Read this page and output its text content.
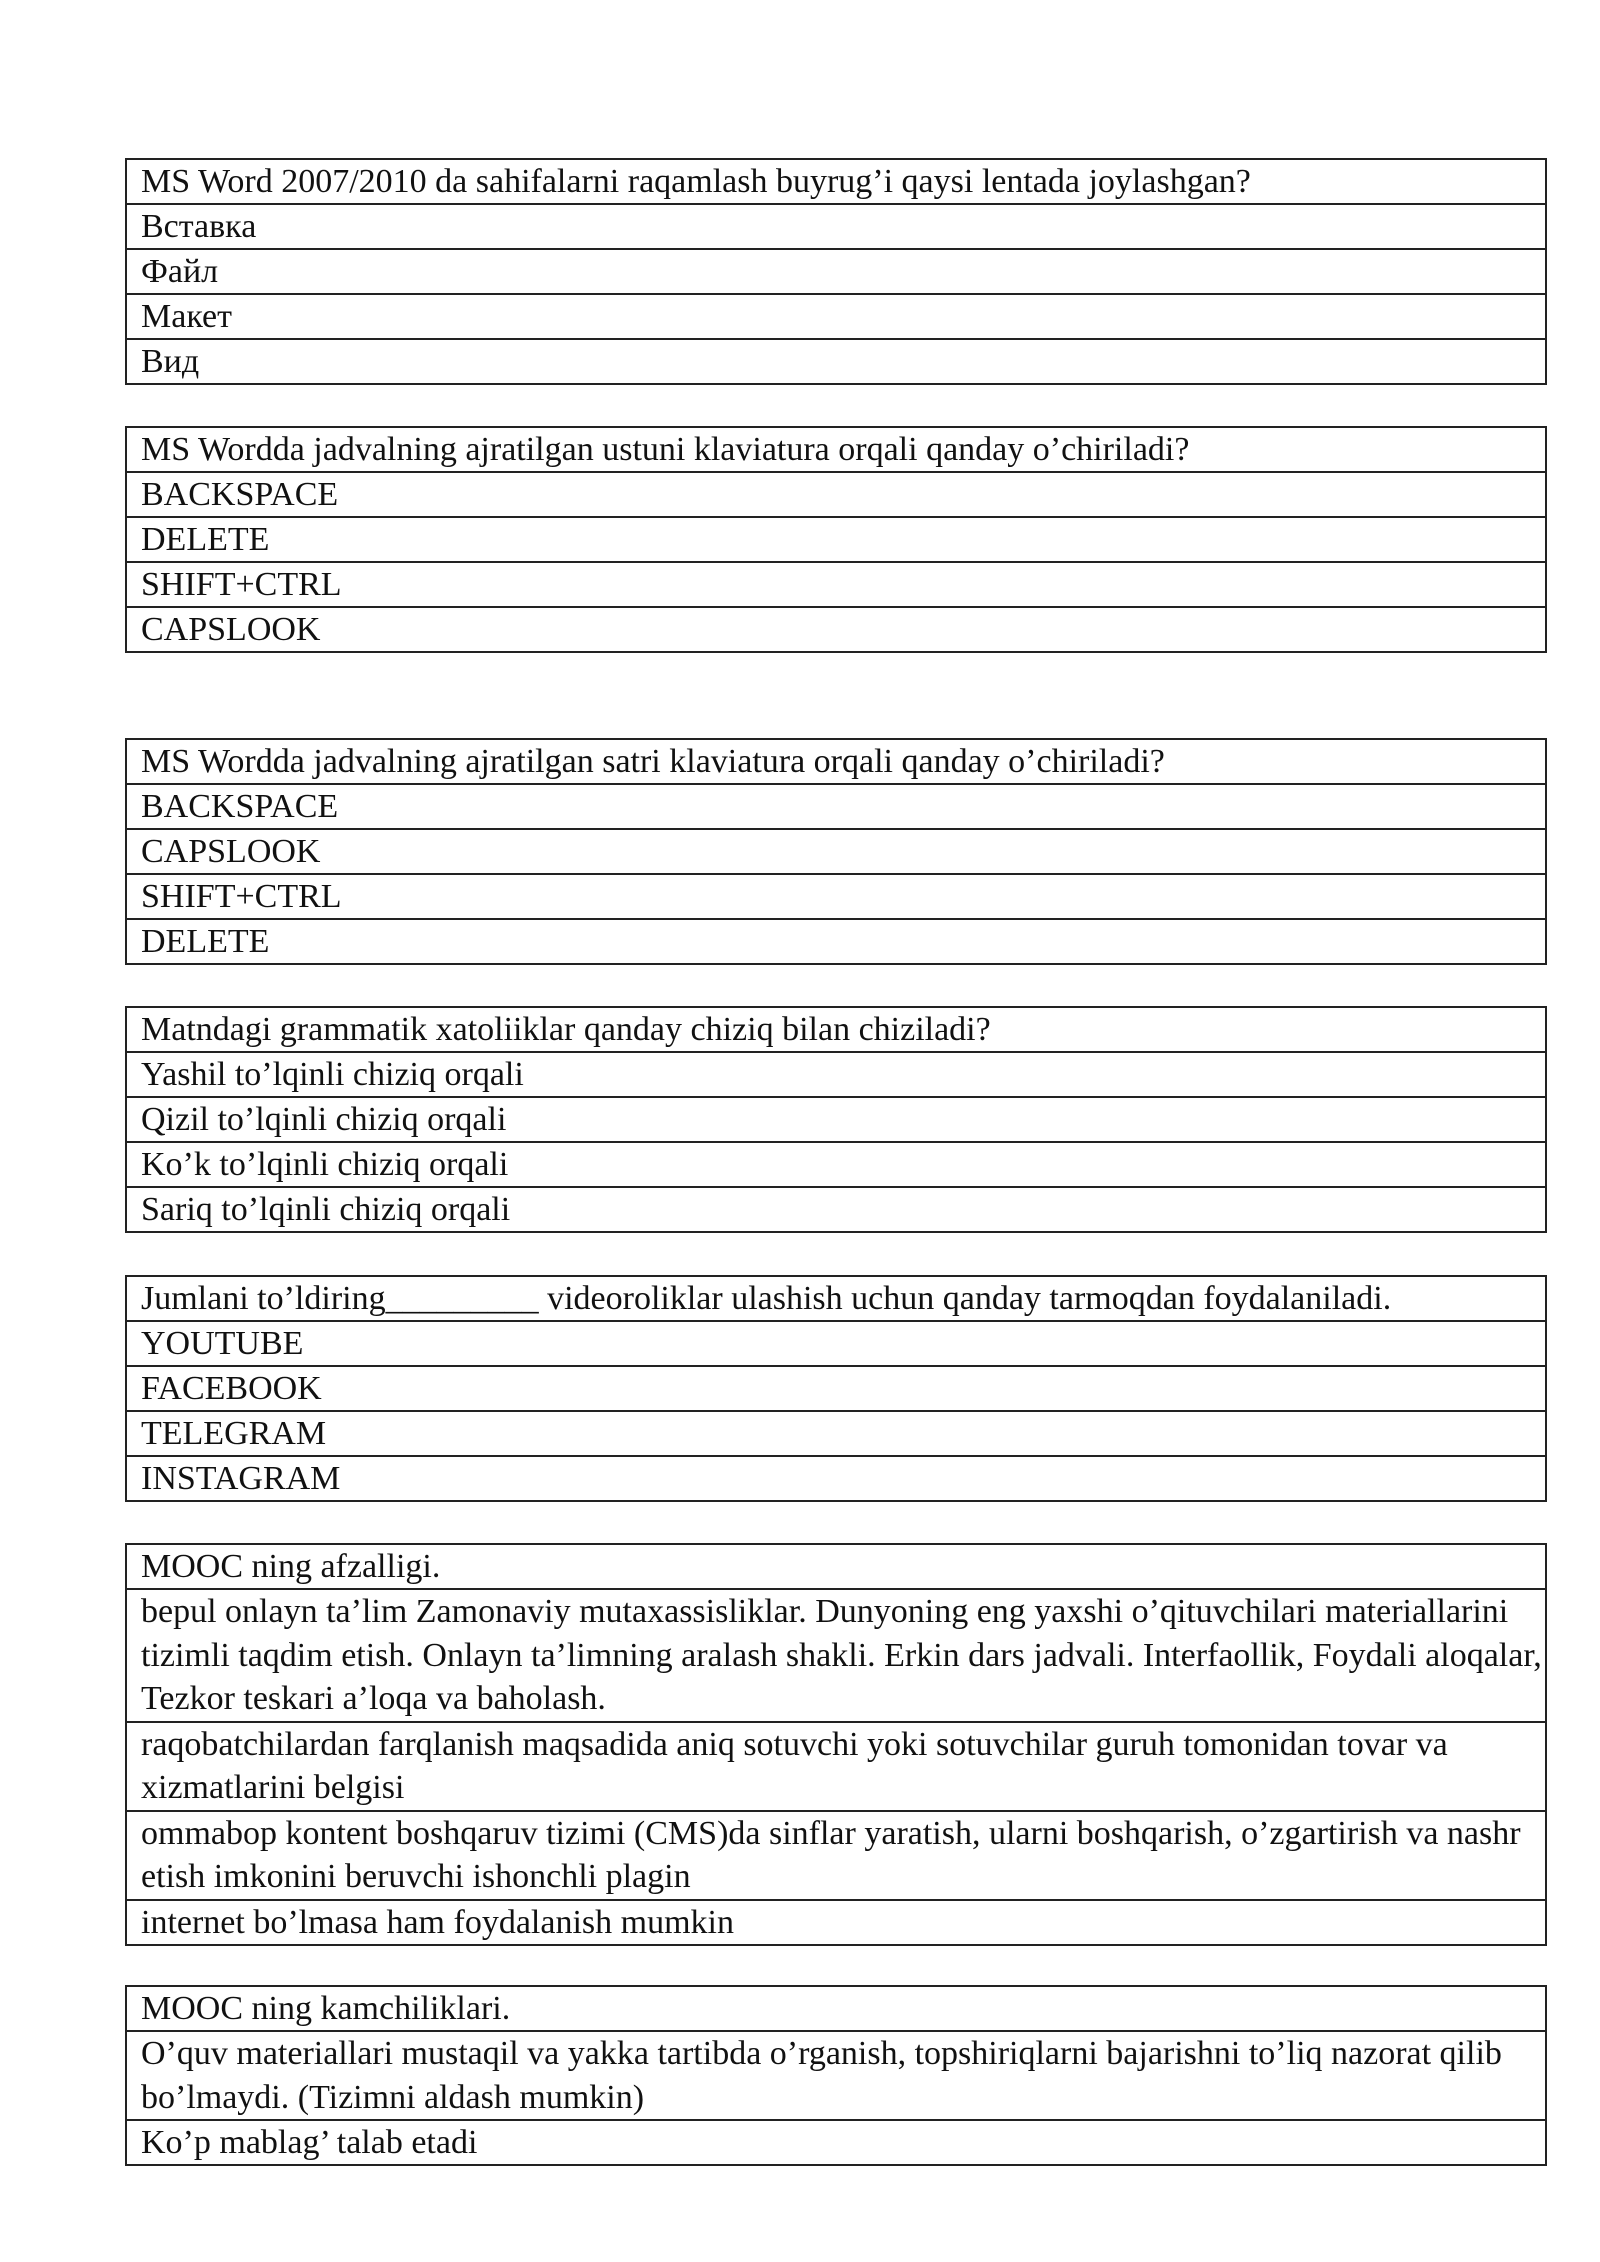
MS Word 2007/2010 da sahifalarni raqamlash buyrug’i qaysi lentada joylashgan?
Вставка
Файл
Макет
Вид
MS Wordda jadvalning ajratilgan ustuni klaviatura orqali qanday o’chiriladi?
BACKSPACE
DELETE
SHIFT+CTRL
CAPSLOOK
MS Wordda jadvalning ajratilgan satri klaviatura orqali qanday o’chiriladi?
BACKSPACE
CAPSLOOK
SHIFT+CTRL
DELETE
Matndagi grammatik xatoliiklar qanday chiziq bilan chiziladi?
Yashil to’lqinli chiziq orqali
Qizil to’lqinli chiziq orqali
Ko’k to’lqinli chiziq orqali
Sariq to’lqinli chiziq orqali
Jumlani to’ldiring_________ videoroliklar ulashish uchun qanday tarmoqdan foydalaniladi.
YOUTUBE
FACEBOOK
TELEGRAM
INSTAGRAM
MOOC ning afzalligi.
bepul onlayn ta’lim Zamonaviy mutaxassisliklar. Dunyoning eng yaxshi o’qituvchilari materiallarini tizimli taqdim etish. Onlayn ta’limning aralash shakli. Erkin dars jadvali. Interfaollik, Foydali aloqalar, Tezkor teskari a’loqa va baholash.
raqobatchilardan farqlanish maqsadida aniq sotuvchi yoki sotuvchilar guruh tomonidan tovar va xizmatlarini belgisi
ommabop kontent boshqaruv tizimi (CMS)da sinflar yaratish, ularni boshqarish, o’zgartirish va nashr etish imkonini beruvchi ishonchli plagin
internet bo’lmasa ham foydalanish mumkin
MOOC ning kamchiliklari.
O’quv materiallari mustaqil va yakka tartibda o’rganish, topshiriqlarni bajarishni to’liq nazorat qilib bo’lmaydi. (Tizimni aldash mumkin)
Ko’p mablag’ talab etadi
